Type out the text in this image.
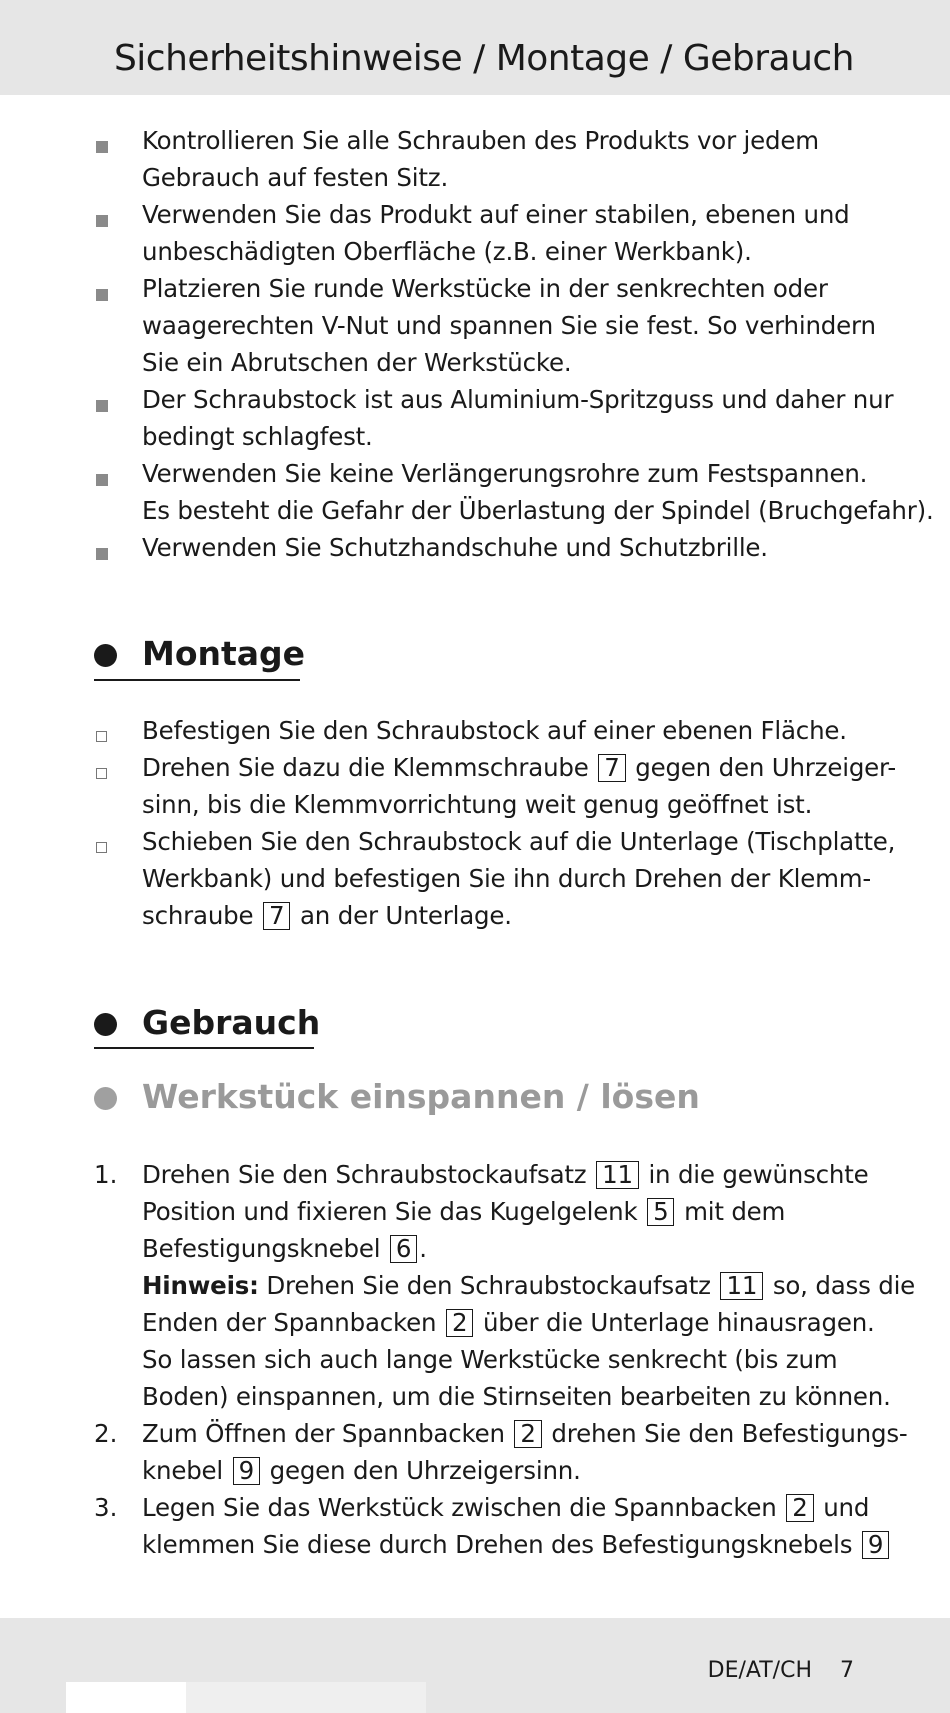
Sicherheitshinweise / Montage / Gebrauch
Kontrollieren Sie alle Schrauben des Produkts vor jedem
Gebrauch auf festen Sitz.
Verwenden Sie das Produkt auf einer stabilen, ebenen und
unbeschädigten Oberfläche (z.B. einer Werkbank).
Platzieren Sie runde Werkstücke in der senkrechten oder
waagerechten V-Nut und spannen Sie sie fest. So verhindern
Sie ein Abrutschen der Werkstücke.
Der Schraubstock ist aus Aluminium-Spritzguss und daher nur
bedingt schlagfest.
Verwenden Sie keine Verlängerungsrohre zum Festspannen.
Es besteht die Gefahr der Überlastung der Spindel (Bruchgefahr).
Verwenden Sie Schutzhandschuhe und Schutzbrille.
Montage
Befestigen Sie den Schraubstock auf einer ebenen Fläche.
Drehen Sie dazu die Klemmschraube 7 gegen den Uhrzeiger-
sinn, bis die Klemmvorrichtung weit genug geöffnet ist.
Schieben Sie den Schraubstock auf die Unterlage (Tischplatte,
Werkbank) und befestigen Sie ihn durch Drehen der Klemm-
schraube 7 an der Unterlage.
Gebrauch
Werkstück einspannen / lösen
1. Drehen Sie den Schraubstockaufsatz 11 in die gewünschte
Position und fixieren Sie das Kugelgelenk 5 mit dem
Befestigungsknebel 6 .
Hinweis: Drehen Sie den Schraubstockaufsatz 11 so, dass die
Enden der Spannbacken 2 über die Unterlage hinausragen.
So lassen sich auch lange Werkstücke senkrecht (bis zum
Boden) einspannen, um die Stirnseiten bearbeiten zu können.
2. Zum Öffnen der Spannbacken 2 drehen Sie den Befestigungs-
knebel 9 gegen den Uhrzeigersinn.
3. Legen Sie das Werkstück zwischen die Spannbacken 2 und
klemmen Sie diese durch Drehen des Befestigungsknebels 9
DE/AT/CH 7
